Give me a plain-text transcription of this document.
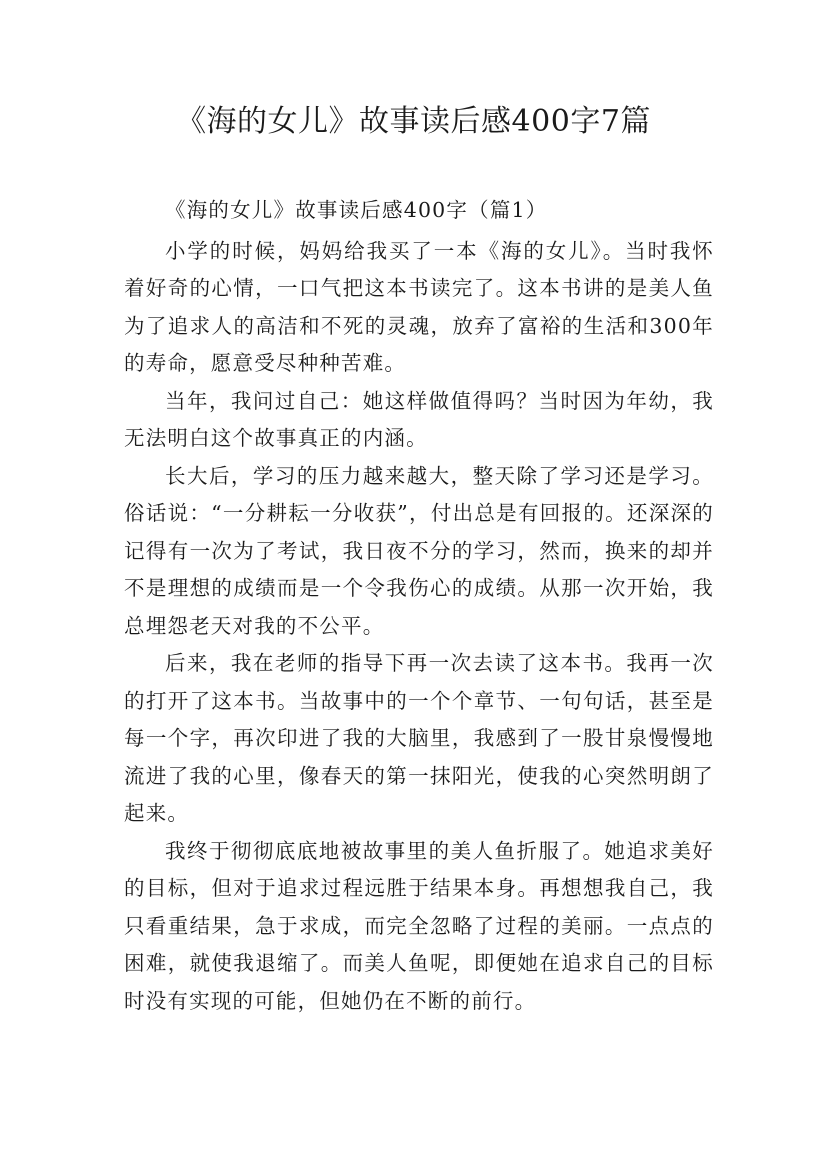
《海的女儿》故事读后感400字7篇

《海的女儿》故事读后感400字（篇1）

小学的时候，妈妈给我买了一本《海的女儿》。当时我怀着好奇的心情，一口气把这本书读完了。这本书讲的是美人鱼为了追求人的高洁和不死的灵魂，放弃了富裕的生活和300年的寿命，愿意受尽种种苦难。

当年，我问过自己：她这样做值得吗？当时因为年幼，我无法明白这个故事真正的内涵。

长大后，学习的压力越来越大，整天除了学习还是学习。俗话说：“一分耕耘一分收获”，付出总是有回报的。还深深的记得有一次为了考试，我日夜不分的学习，然而，换来的却并不是理想的成绩而是一个令我伤心的成绩。从那一次开始，我总埋怨老天对我的不公平。

后来，我在老师的指导下再一次去读了这本书。我再一次的打开了这本书。当故事中的一个个章节、一句句话，甚至是每一个字，再次印进了我的大脑里，我感到了一股甘泉慢慢地流进了我的心里，像春天的第一抹阳光，使我的心突然明朗了起来。

我终于彻彻底底地被故事里的美人鱼折服了。她追求美好的目标，但对于追求过程远胜于结果本身。再想想我自己，我只看重结果，急于求成，而完全忽略了过程的美丽。一点点的困难，就使我退缩了。而美人鱼呢，即便她在追求自己的目标时没有实现的可能，但她仍在不断的前行。
